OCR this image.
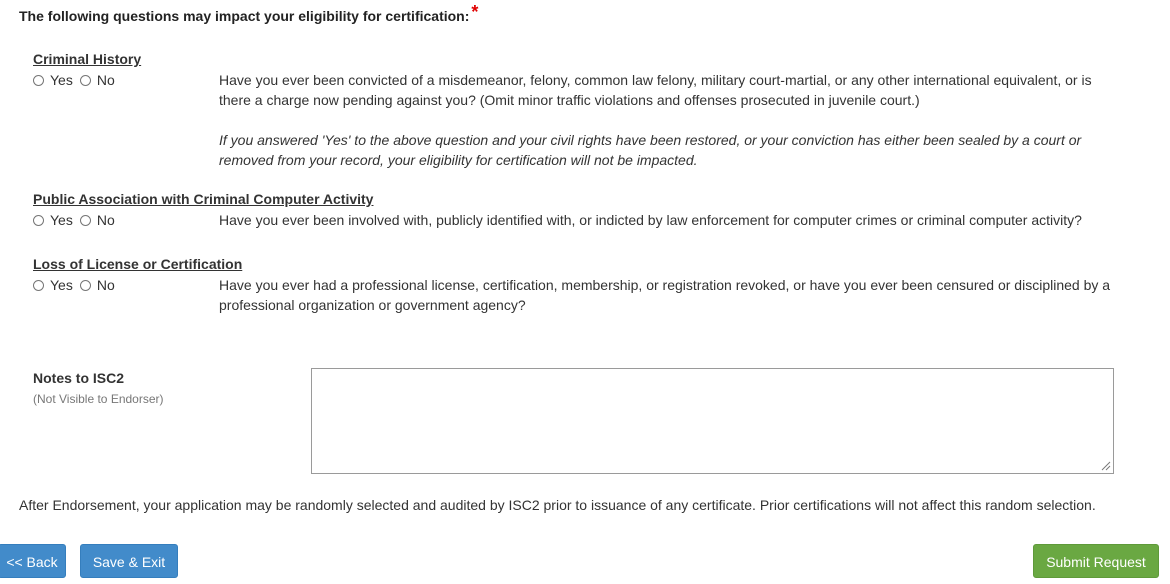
The following questions may impact your eligibility for certification: *
Criminal History
Yes No	Have you ever been convicted of a misdemeanor, felony, common law felony, military court-martial, or any other international equivalent, or is there a charge now pending against you? (Omit minor traffic violations and offenses prosecuted in juvenile court.)
If you answered 'Yes' to the above question and your civil rights have been restored, or your conviction has either been sealed by a court or removed from your record, your eligibility for certification will not be impacted.
Public Association with Criminal Computer Activity
Yes No	Have you ever been involved with, publicly identified with, or indicted by law enforcement for computer crimes or criminal computer activity?
Loss of License or Certification
Yes No	Have you ever had a professional license, certification, membership, or registration revoked, or have you ever been censured or disciplined by a professional organization or government agency?
Notes to ISC2
(Not Visible to Endorser)
After Endorsement, your application may be randomly selected and audited by ISC2 prior to issuance of any certificate. Prior certifications will not affect this random selection.
<< Back	Save & Exit	Submit Request
